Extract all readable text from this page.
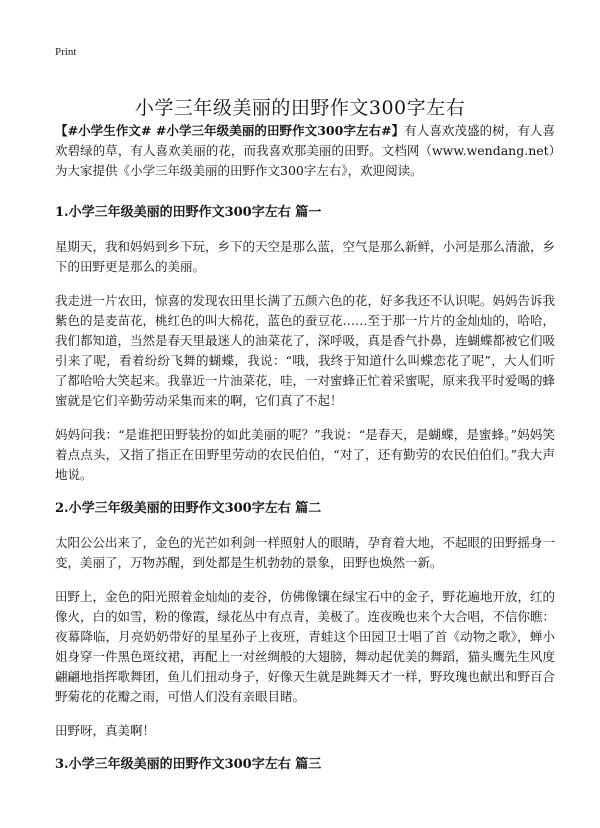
Print
小学三年级美丽的田野作文300字左右

【#小学生作文# #小学三年级美丽的田野作文300字左右#】有人喜欢茂盛的树，有人喜欢碧绿的草，有人喜欢美丽的花，而我喜欢那美丽的田野。文档网（www.wendang.net）为大家提供《小学三年级美丽的田野作文300字左右》，欢迎阅读。

1.小学三年级美丽的田野作文300字左右 篇一

星期天，我和妈妈到乡下玩，乡下的天空是那么蓝，空气是那么新鲜，小河是那么清澈，乡下的田野更是那么的美丽。

我走进一片农田，惊喜的发现农田里长满了五颜六色的花，好多我还不认识呢。妈妈告诉我紫色的是麦苗花，桃红色的叫大棉花，蓝色的蚕豆花……至于那一片片的金灿灿的，哈哈，我们都知道，当然是春天里最迷人的油菜花了，深呼吸，真是香气扑鼻，连蝴蝶都被它们吸引来了呢，看着纷纷飞舞的蝴蝶，我说：“哦，我终于知道什么叫蝶恋花了呢”，大人们听了都哈哈大笑起来。我靠近一片油菜花，哇，一对蜜蜂正忙着采蜜呢，原来我平时爱喝的蜂蜜就是它们辛勤劳动采集而来的啊，它们真了不起！

妈妈问我：“是谁把田野装扮的如此美丽的呢？”我说：“是春天，是蝴蝶，是蜜蜂。”妈妈笑着点点头，又指了指正在田野里劳动的农民伯伯，“对了，还有勤劳的农民伯伯们。”我大声地说。

2.小学三年级美丽的田野作文300字左右 篇二

太阳公公出来了，金色的光芒如利剑一样照射人的眼睛，孕育着大地，不起眼的田野摇身一变，美丽了，万物苏醒，到处都是生机勃勃的景象，田野也焕然一新。

田野上，金色的阳光照着金灿灿的麦谷，仿佛像镶在绿宝石中的金子，野花遍地开放，红的像火，白的如雪，粉的像霞，绿花丛中有点青，美极了。连夜晚也来个大合唱，不信你瞧：夜幕降临，月亮奶奶带好的星星孙子上夜班，青蛙这个田园卫士唱了首《动物之歌》，蝉小姐身穿一件黑色斑纹裙，再配上一对丝绸般的大翅膀，舞动起优美的舞蹈，猫头鹰先生风度翩翩地指挥歌舞团，鱼儿们扭动身子，好像天生就是跳舞天才一样，野玫瑰也献出和野百合野菊花的花瓣之雨，可惜人们没有亲眼目睹。

田野呀，真美啊！

3.小学三年级美丽的田野作文300字左右 篇三
